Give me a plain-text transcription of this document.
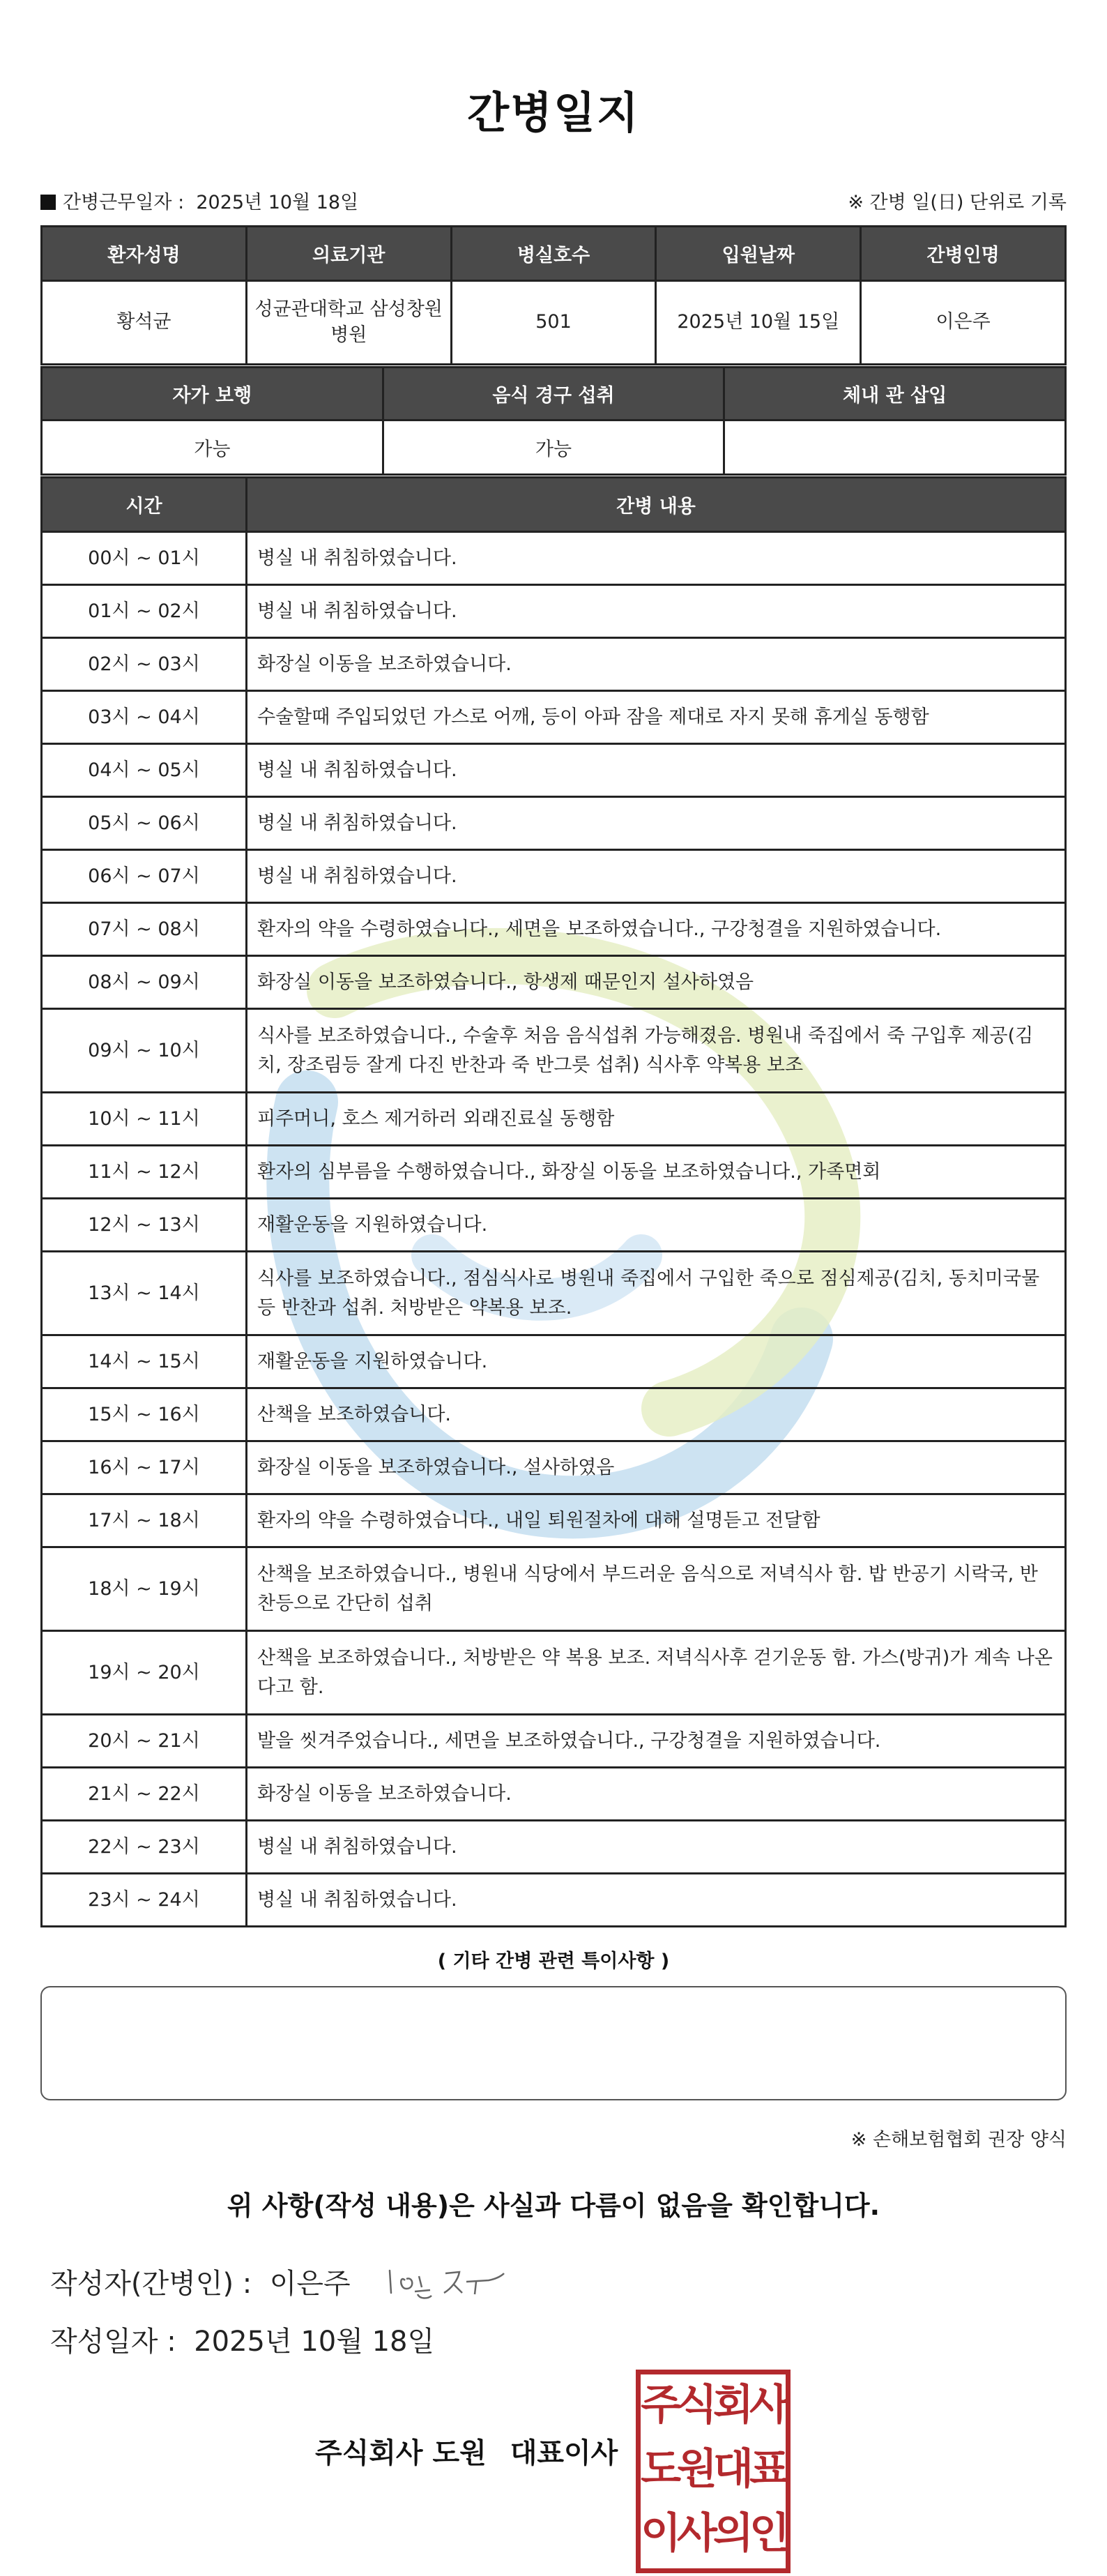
간병일지
간병근무일자 : 2025년 10월 18일	※ 간병 일(日) 단위로 기록
환자성명	의료기관	병실호수	입원날짜	간병인명
황석균	성균관대학교 삼성창원병원	501	2025년 10월 15일	이은주
자가 보행	음식 경구 섭취	체내 관 삽입
가능	가능	
시간	간병 내용
00시 ~ 01시	병실 내 취침하였습니다.
01시 ~ 02시	병실 내 취침하였습니다.
02시 ~ 03시	화장실 이동을 보조하였습니다.
03시 ~ 04시	수술할때 주입되었던 가스로 어깨, 등이 아파 잠을 제대로 자지 못해 휴게실 동행함
04시 ~ 05시	병실 내 취침하였습니다.
05시 ~ 06시	병실 내 취침하였습니다.
06시 ~ 07시	병실 내 취침하였습니다.
07시 ~ 08시	환자의 약을 수령하였습니다., 세면을 보조하였습니다., 구강청결을 지원하였습니다.
08시 ~ 09시	화장실 이동을 보조하였습니다., 항생제 때문인지 설사하였음
09시 ~ 10시	식사를 보조하였습니다., 수술후 처음 음식섭취 가능해졌음. 병원내 죽집에서 죽 구입후 제공(김치, 장조림등 잘게 다진 반찬과 죽 반그릇 섭취) 식사후 약복용 보조
10시 ~ 11시	피주머니, 호스 제거하러 외래진료실 동행함
11시 ~ 12시	환자의 심부름을 수행하였습니다., 화장실 이동을 보조하였습니다., 가족면회
12시 ~ 13시	재활운동을 지원하였습니다.
13시 ~ 14시	식사를 보조하였습니다., 점심식사로 병원내 죽집에서 구입한 죽으로 점심제공(김치, 동치미국물등 반찬과 섭취. 처방받은 약복용 보조.
14시 ~ 15시	재활운동을 지원하였습니다.
15시 ~ 16시	산책을 보조하였습니다.
16시 ~ 17시	화장실 이동을 보조하였습니다., 설사하였음
17시 ~ 18시	환자의 약을 수령하였습니다., 내일 퇴원절차에 대해 설명듣고 전달함
18시 ~ 19시	산책을 보조하였습니다., 병원내 식당에서 부드러운 음식으로 저녁식사 함. 밥 반공기 시락국, 반찬등으로 간단히 섭취
19시 ~ 20시	산책을 보조하였습니다., 처방받은 약 복용 보조. 저녁식사후 걷기운동 함. 가스(방귀)가 계속 나온다고 함.
20시 ~ 21시	발을 씻겨주었습니다., 세면을 보조하였습니다., 구강청결을 지원하였습니다.
21시 ~ 22시	화장실 이동을 보조하였습니다.
22시 ~ 23시	병실 내 취침하였습니다.
23시 ~ 24시	병실 내 취침하였습니다.
( 기타 간병 관련 특이사항 )
※ 손해보험협회 권장 양식
위 사항(작성 내용)은 사실과 다름이 없음을 확인합니다.
작성자(간병인) : 이은주
작성일자 : 2025년 10월 18일
주식회사 도원 대표이사
주식회사
도원대표
이사의인
